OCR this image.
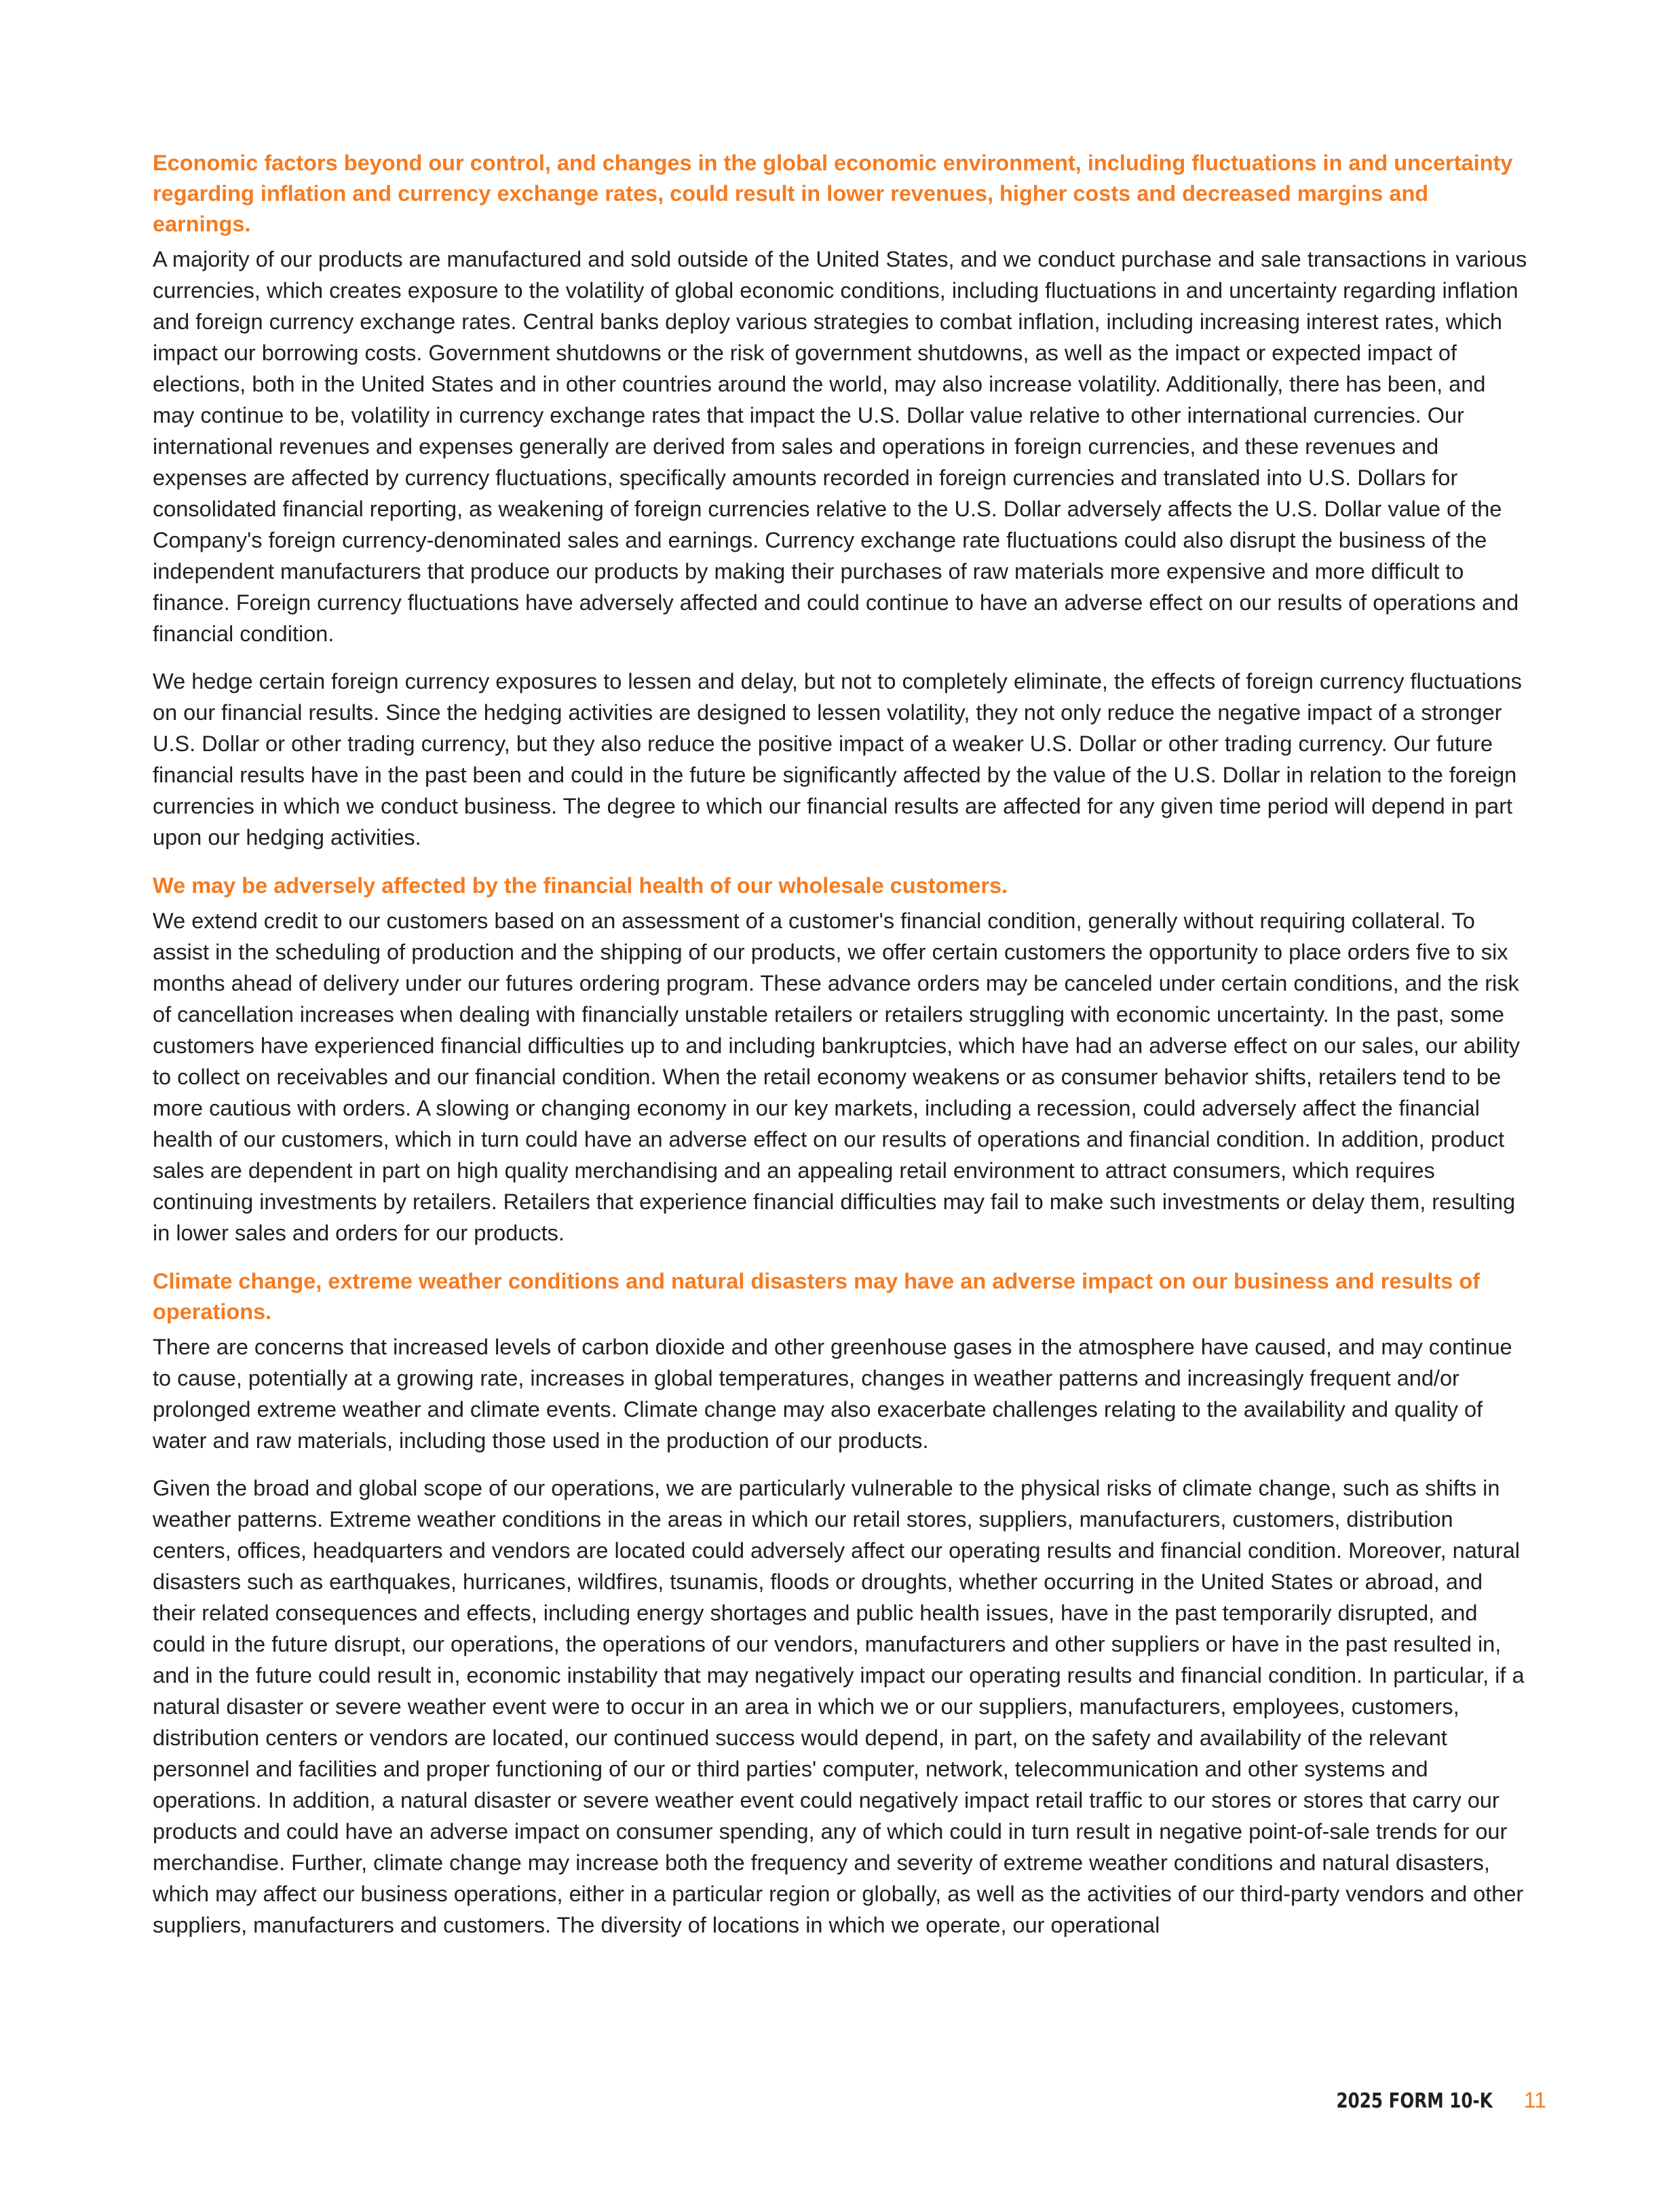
Economic factors beyond our control, and changes in the global economic environment, including fluctuations in and uncertainty regarding inflation and currency exchange rates, could result in lower revenues, higher costs and decreased margins and earnings.

A majority of our products are manufactured and sold outside of the United States, and we conduct purchase and sale transactions in various currencies, which creates exposure to the volatility of global economic conditions, including fluctuations in and uncertainty regarding inflation and foreign currency exchange rates. Central banks deploy various strategies to combat inflation, including increasing interest rates, which impact our borrowing costs. Government shutdowns or the risk of government shutdowns, as well as the impact or expected impact of elections, both in the United States and in other countries around the world, may also increase volatility. Additionally, there has been, and may continue to be, volatility in currency exchange rates that impact the U.S. Dollar value relative to other international currencies. Our international revenues and expenses generally are derived from sales and operations in foreign currencies, and these revenues and expenses are affected by currency fluctuations, specifically amounts recorded in foreign currencies and translated into U.S. Dollars for consolidated financial reporting, as weakening of foreign currencies relative to the U.S. Dollar adversely affects the U.S. Dollar value of the Company's foreign currency-denominated sales and earnings. Currency exchange rate fluctuations could also disrupt the business of the independent manufacturers that produce our products by making their purchases of raw materials more expensive and more difficult to finance. Foreign currency fluctuations have adversely affected and could continue to have an adverse effect on our results of operations and financial condition.

We hedge certain foreign currency exposures to lessen and delay, but not to completely eliminate, the effects of foreign currency fluctuations on our financial results. Since the hedging activities are designed to lessen volatility, they not only reduce the negative impact of a stronger U.S. Dollar or other trading currency, but they also reduce the positive impact of a weaker U.S. Dollar or other trading currency. Our future financial results have in the past been and could in the future be significantly affected by the value of the U.S. Dollar in relation to the foreign currencies in which we conduct business. The degree to which our financial results are affected for any given time period will depend in part upon our hedging activities.

We may be adversely affected by the financial health of our wholesale customers.

We extend credit to our customers based on an assessment of a customer's financial condition, generally without requiring collateral. To assist in the scheduling of production and the shipping of our products, we offer certain customers the opportunity to place orders five to six months ahead of delivery under our futures ordering program. These advance orders may be canceled under certain conditions, and the risk of cancellation increases when dealing with financially unstable retailers or retailers struggling with economic uncertainty. In the past, some customers have experienced financial difficulties up to and including bankruptcies, which have had an adverse effect on our sales, our ability to collect on receivables and our financial condition. When the retail economy weakens or as consumer behavior shifts, retailers tend to be more cautious with orders. A slowing or changing economy in our key markets, including a recession, could adversely affect the financial health of our customers, which in turn could have an adverse effect on our results of operations and financial condition. In addition, product sales are dependent in part on high quality merchandising and an appealing retail environment to attract consumers, which requires continuing investments by retailers. Retailers that experience financial difficulties may fail to make such investments or delay them, resulting in lower sales and orders for our products.

Climate change, extreme weather conditions and natural disasters may have an adverse impact on our business and results of operations.

There are concerns that increased levels of carbon dioxide and other greenhouse gases in the atmosphere have caused, and may continue to cause, potentially at a growing rate, increases in global temperatures, changes in weather patterns and increasingly frequent and/or prolonged extreme weather and climate events. Climate change may also exacerbate challenges relating to the availability and quality of water and raw materials, including those used in the production of our products.

Given the broad and global scope of our operations, we are particularly vulnerable to the physical risks of climate change, such as shifts in weather patterns. Extreme weather conditions in the areas in which our retail stores, suppliers, manufacturers, customers, distribution centers, offices, headquarters and vendors are located could adversely affect our operating results and financial condition. Moreover, natural disasters such as earthquakes, hurricanes, wildfires, tsunamis, floods or droughts, whether occurring in the United States or abroad, and their related consequences and effects, including energy shortages and public health issues, have in the past temporarily disrupted, and could in the future disrupt, our operations, the operations of our vendors, manufacturers and other suppliers or have in the past resulted in, and in the future could result in, economic instability that may negatively impact our operating results and financial condition. In particular, if a natural disaster or severe weather event were to occur in an area in which we or our suppliers, manufacturers, employees, customers, distribution centers or vendors are located, our continued success would depend, in part, on the safety and availability of the relevant personnel and facilities and proper functioning of our or third parties' computer, network, telecommunication and other systems and operations. In addition, a natural disaster or severe weather event could negatively impact retail traffic to our stores or stores that carry our products and could have an adverse impact on consumer spending, any of which could in turn result in negative point-of-sale trends for our merchandise. Further, climate change may increase both the frequency and severity of extreme weather conditions and natural disasters, which may affect our business operations, either in a particular region or globally, as well as the activities of our third-party vendors and other suppliers, manufacturers and customers. The diversity of locations in which we operate, our operational

2025 FORM 10-K 11
